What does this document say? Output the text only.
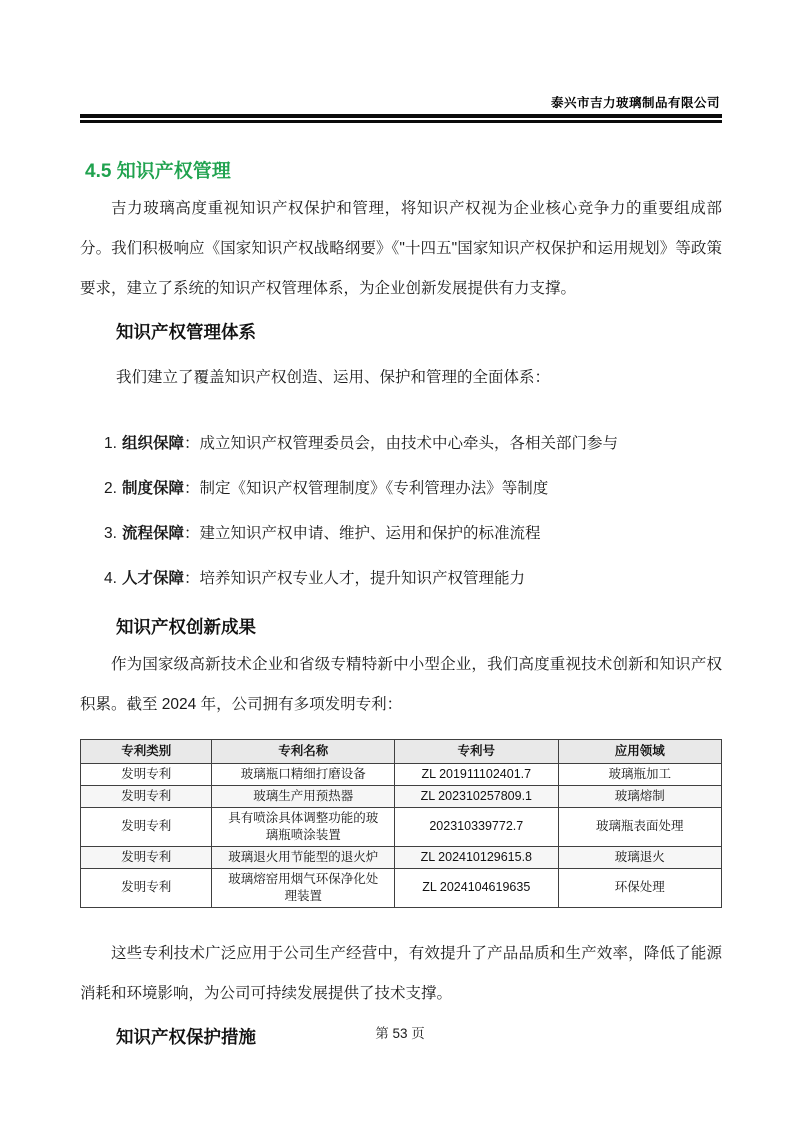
泰兴市吉力玻璃制品有限公司
4.5 知识产权管理

吉力玻璃高度重视知识产权保护和管理，将知识产权视为企业核心竞争力的重要组成部分。我们积极响应《国家知识产权战略纲要》《"十四五"国家知识产权保护和运用规划》等政策要求，建立了系统的知识产权管理体系，为企业创新发展提供有力支撑。

知识产权管理体系

我们建立了覆盖知识产权创造、运用、保护和管理的全面体系：

1. 组织保障：成立知识产权管理委员会，由技术中心牵头，各相关部门参与
2. 制度保障：制定《知识产权管理制度》《专利管理办法》等制度
3. 流程保障：建立知识产权申请、维护、运用和保护的标准流程
4. 人才保障：培养知识产权专业人才，提升知识产权管理能力
知识产权创新成果

作为国家级高新技术企业和省级专精特新中小型企业，我们高度重视技术创新和知识产权积累。截至 2024 年，公司拥有多项发明专利：

专利类别	专利名称	专利号	应用领域
发明专利	玻璃瓶口精细打磨设备	ZL 201911102401.7	玻璃瓶加工
发明专利	玻璃生产用预热器	ZL 202310257809.1	玻璃熔制
发明专利	具有喷涂具体调整功能的玻璃瓶喷涂装置	202310339772.7	玻璃瓶表面处理
发明专利	玻璃退火用节能型的退火炉	ZL 202410129615.8	玻璃退火
发明专利	玻璃熔窑用烟气环保净化处理装置	ZL 2024104619635	环保处理

这些专利技术广泛应用于公司生产经营中，有效提升了产品品质和生产效率，降低了能源消耗和环境影响，为公司可持续发展提供了技术支撑。

知识产权保护措施	第 53 页
